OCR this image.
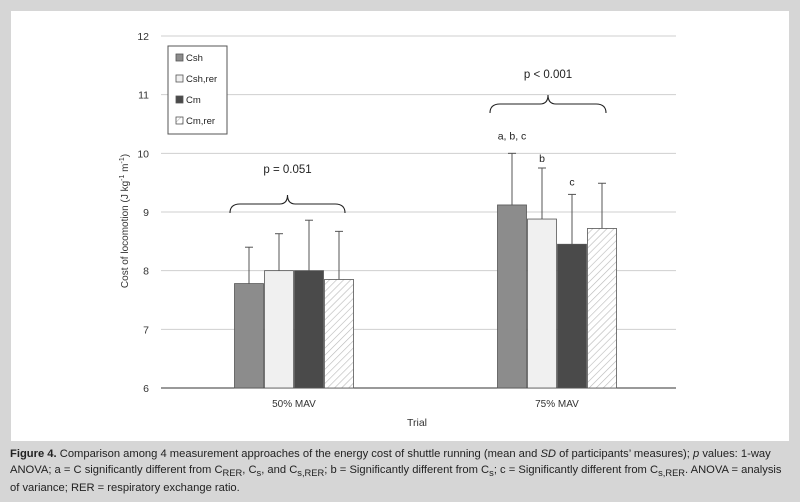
6
7
8
9
10
11
12
50% MAV	75% MAV
a, b, c
b
c
p = 0.051
p < 0.001
Cost of locomotion (J $kg^{-1}$ $m^{-1}$)
Trial
Csh
Csh,rer
Cm
Cm,rer
Figure 4. Comparison among 4 measurement approaches of the energy cost of shuttle running (mean and SD of participants’ measures); p values: 1-way ANOVA; a = C significantly different from $C_{RER}$, $C_s$, and $C_{s,RER}$; b = Significantly different from $C_s$; c = Significantly different from $C_{s,RER}$. ANOVA = analysis of variance; RER = respiratory exchange ratio.
